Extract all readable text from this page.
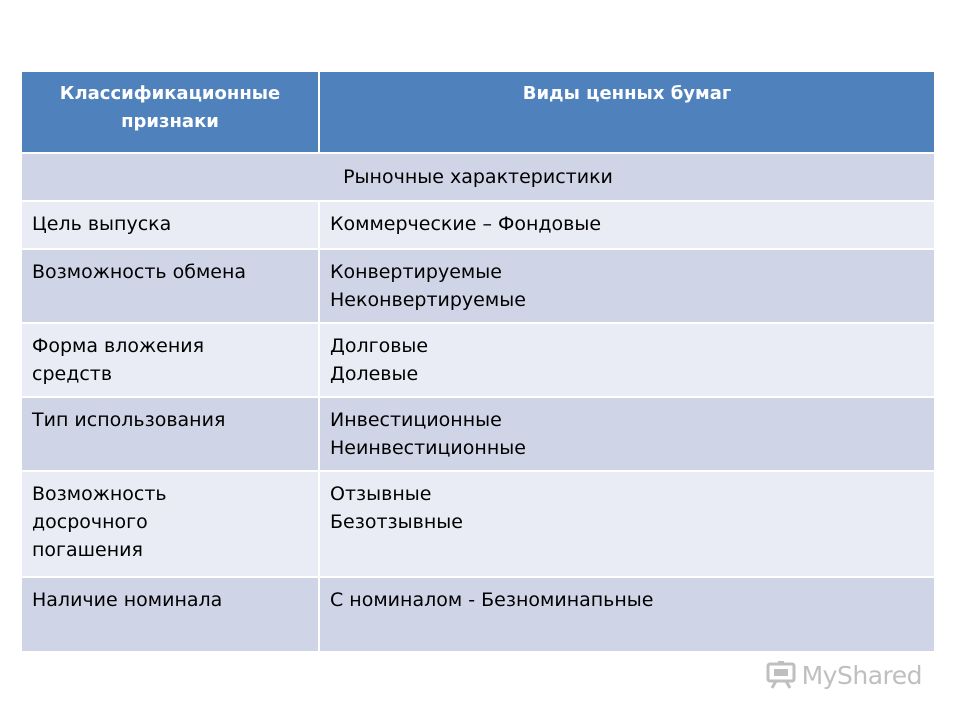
Классификационные признаки	Виды ценных бумаг
Рыночные характеристики	

Цель выпуска	Коммерческие – Фондовые

Возможность обмена	Конвертируемые
Неконвертируемые

Форма вложения
средств	Долговые
Долевые

Тип использования	Инвестиционные
Неинвестиционные

Возможность
досрочного
погашения	Отзывные
Безотзывные

Наличие номинала	С номиналом - Безноминапьные
MyShared
